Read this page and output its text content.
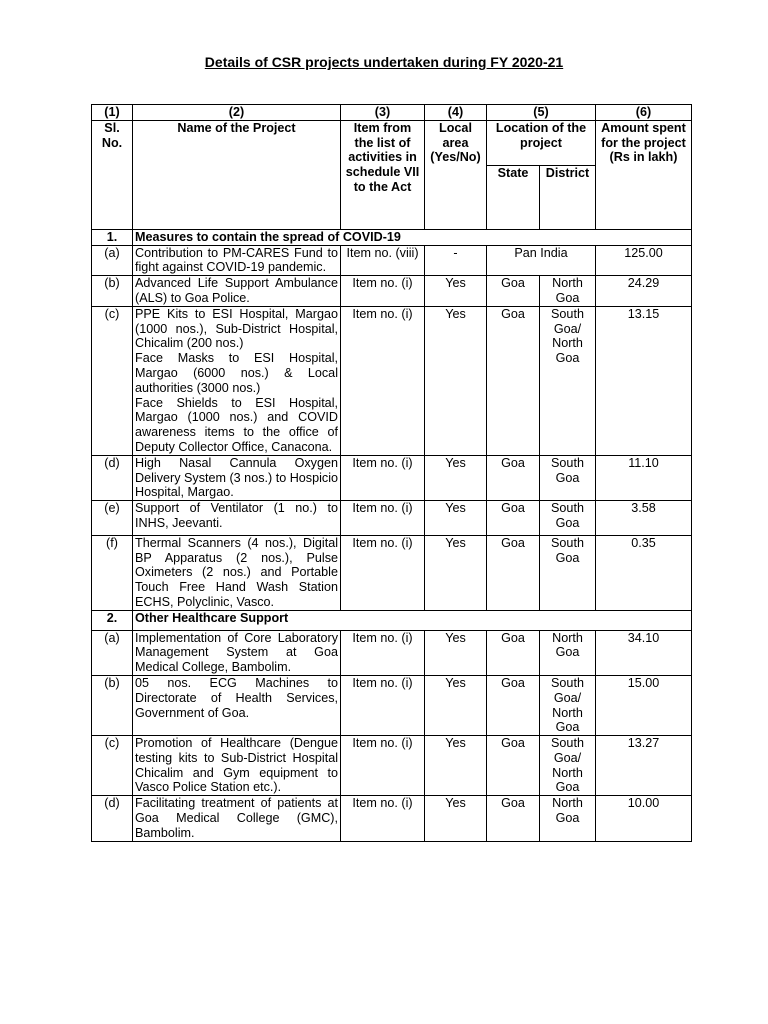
Details of CSR projects undertaken during FY 2020-21
(1)	(2)	(3)	(4)	(5)		(6)
Sl. No.	Name of the Project	Item from the list of activities in schedule VII to the Act	Local area (Yes/No)	Location of the project		Amount spent for the project (Rs in lakh)
				State	District	
1.	Measures to contain the spread of COVID-19					
(a)	Contribution to PM-CARES Fund to fight against COVID-19 pandemic.	Item no. (viii)	-	Pan India		125.00
(b)	Advanced Life Support Ambulance (ALS) to Goa Police.	Item no. (i)	Yes	Goa	North Goa	24.29
(c)	PPE Kits to ESI Hospital, Margao (1000 nos.), Sub-District Hospital, Chicalim (200 nos.)
Face Masks to ESI Hospital, Margao (6000 nos.) & Local authorities (3000 nos.)
Face Shields to ESI Hospital, Margao (1000 nos.) and COVID awareness items to the office of Deputy Collector Office, Canacona.	Item no. (i)	Yes	Goa	South Goa/ North Goa	13.15
(d)	High Nasal Cannula Oxygen Delivery System (3 nos.) to Hospicio Hospital, Margao.	Item no. (i)	Yes	Goa	South Goa	11.10
(e)	Support of Ventilator (1 no.) to INHS, Jeevanti.	Item no. (i)	Yes	Goa	South Goa	3.58
(f)	Thermal Scanners (4 nos.), Digital BP Apparatus (2 nos.), Pulse Oximeters (2 nos.) and Portable Touch Free Hand Wash Station ECHS, Polyclinic, Vasco.	Item no. (i)	Yes	Goa	South Goa	0.35
2.	Other Healthcare Support					
(a)	Implementation of Core Laboratory Management System at Goa Medical College, Bambolim.	Item no. (i)	Yes	Goa	North Goa	34.10
(b)	05 nos. ECG Machines to Directorate of Health Services, Government of Goa.	Item no. (i)	Yes	Goa	South Goa/ North Goa	15.00
(c)	Promotion of Healthcare (Dengue testing kits to Sub-District Hospital Chicalim and Gym equipment to Vasco Police Station etc.).	Item no. (i)	Yes	Goa	South Goa/ North Goa	13.27
(d)	Facilitating treatment of patients at Goa Medical College (GMC), Bambolim.	Item no. (i)	Yes	Goa	North Goa	10.00
